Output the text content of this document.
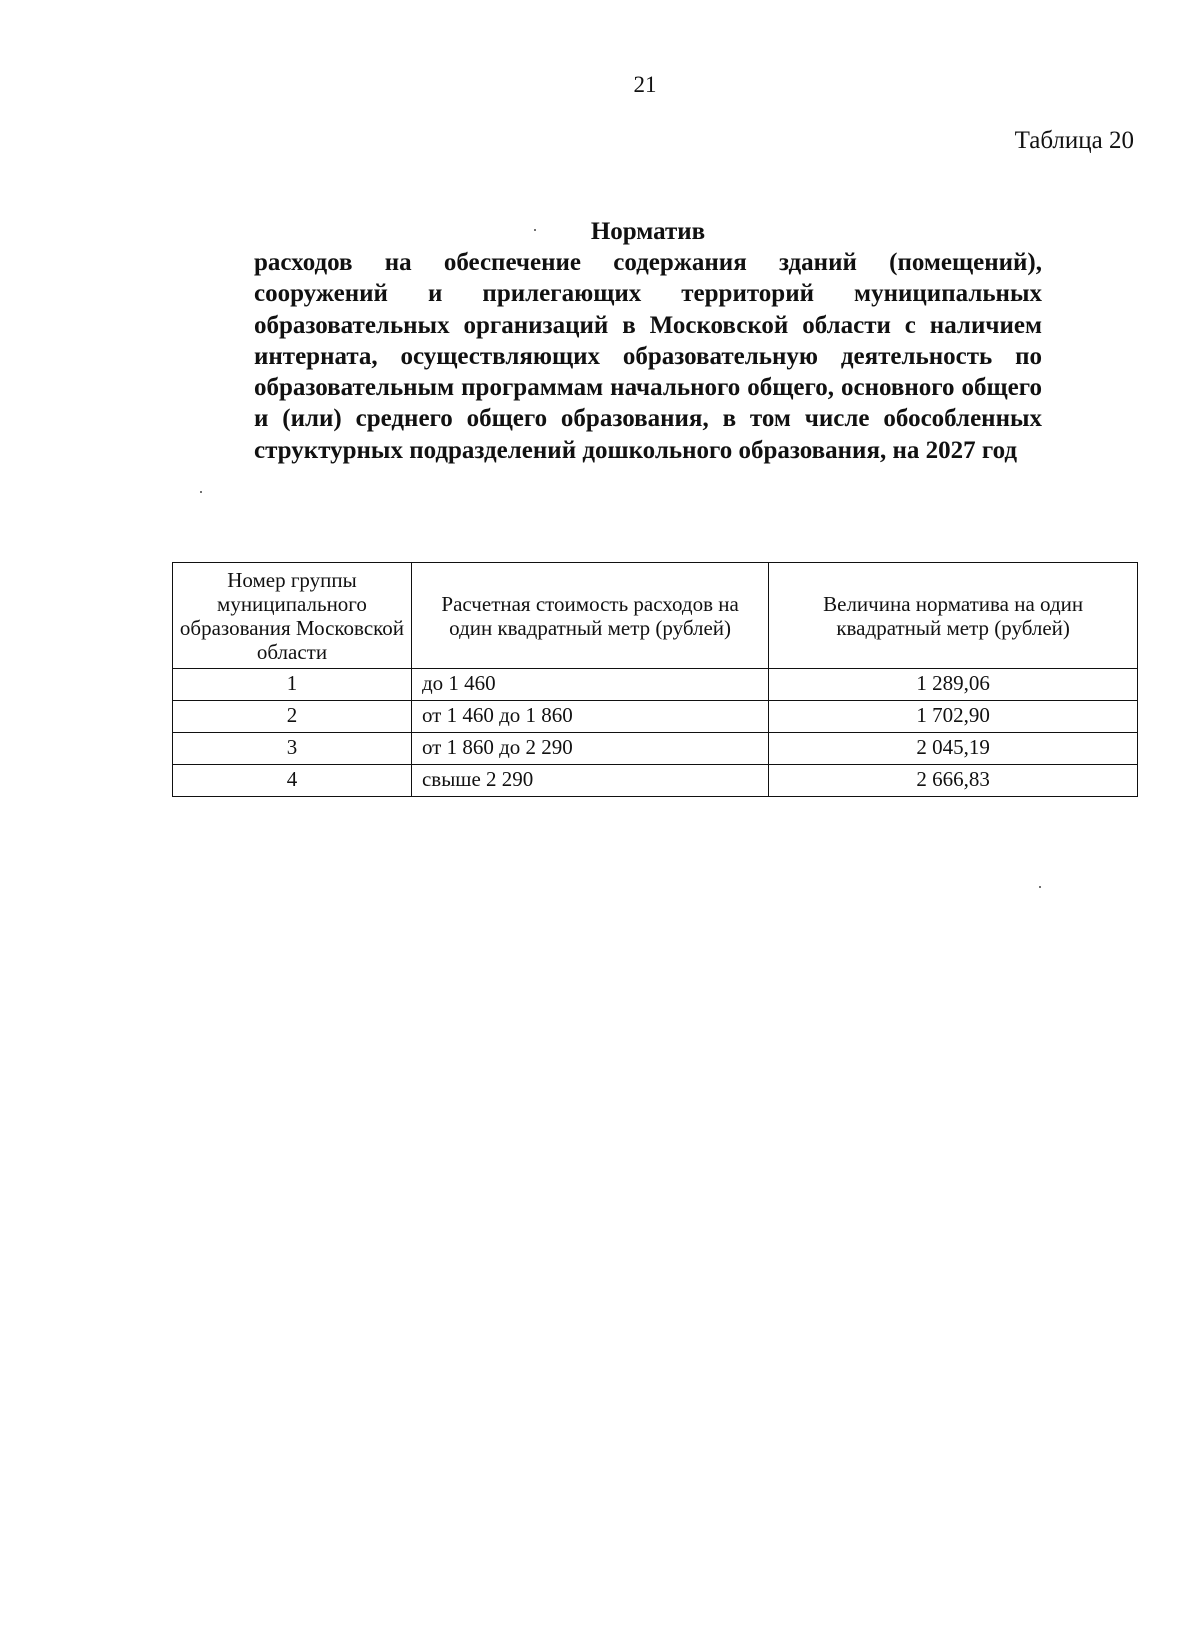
21
Таблица 20
Норматив
расходов на обеспечение содержания зданий (помещений), сооружений и прилегающих территорий муниципальных образовательных организаций в Московской области с наличием интерната, осуществляющих образовательную деятельность по образовательным программам начального общего, основного общего и (или) среднего общего образования, в том числе обособленных структурных подразделений дошкольного образования, на 2027 год
Номер группы муниципального образования Московской области	Расчетная стоимость расходов на один квадратный метр (рублей)	Величина норматива на один квадратный метр (рублей)
1	до 1 460	1 289,06
2	от 1 460 до 1 860	1 702,90
3	от 1 860 до 2 290	2 045,19
4	свыше 2 290	2 666,83
